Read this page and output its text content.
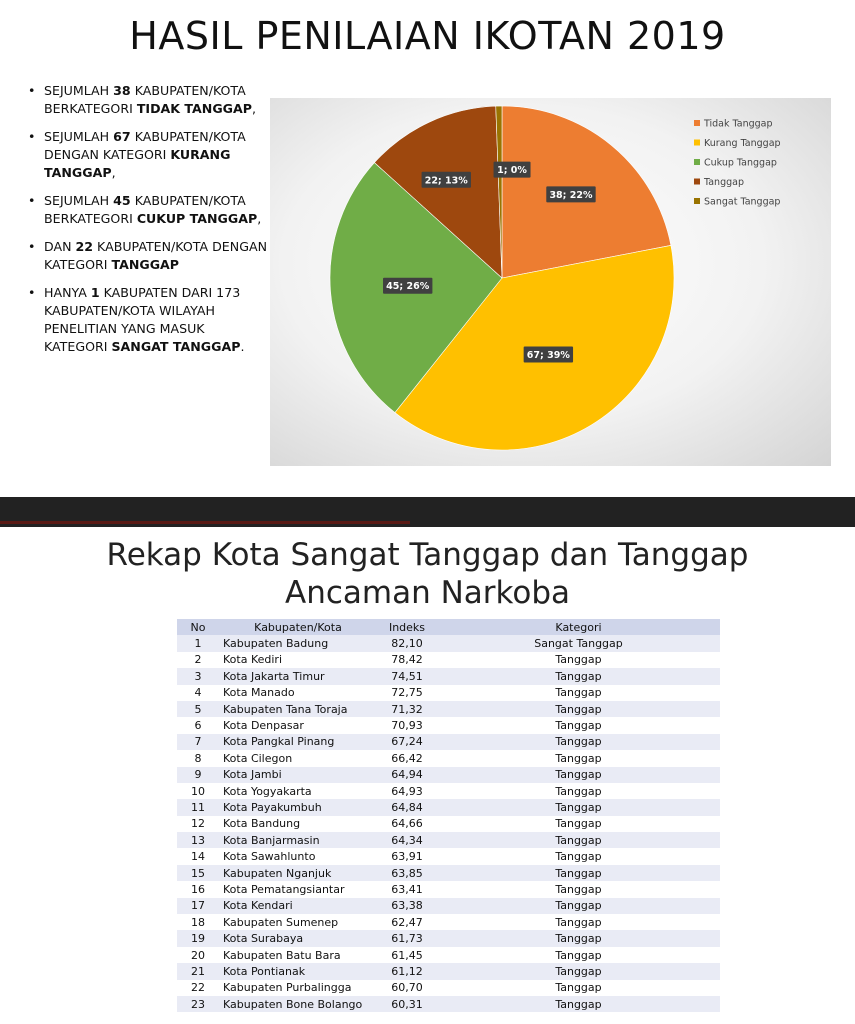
HASIL PENILAIAN IKOTAN 2019
• SEJUMLAH 38 KABUPATEN/KOTA BERKATEGORI TIDAK TANGGAP,
• SEJUMLAH 67 KABUPATEN/KOTA DENGAN KATEGORI KURANG TANGGAP,
• SEJUMLAH 45 KABUPATEN/KOTA BERKATEGORI CUKUP TANGGAP,
• DAN 22 KABUPATEN/KOTA DENGAN KATEGORI TANGGAP
• HANYA 1 KABUPATEN DARI 173 KABUPATEN/KOTA WILAYAH PENELITIAN YANG MASUK KATEGORI SANGAT TANGGAP.
38; 22%
67; 39%
45; 26%
22; 13%
1; 0%
Tidak Tanggap
Kurang Tanggap
Cukup Tanggap
Tanggap
Sangat Tanggap
Rekap Kota Sangat Tanggap dan Tanggap
Ancaman Narkoba
No	Kabupaten/Kota	Indeks	Kategori
1	Kabupaten Badung	82,10	Sangat Tanggap
2	Kota Kediri	78,42	Tanggap
3	Kota Jakarta Timur	74,51	Tanggap
4	Kota Manado	72,75	Tanggap
5	Kabupaten Tana Toraja	71,32	Tanggap
6	Kota Denpasar	70,93	Tanggap
7	Kota Pangkal Pinang	67,24	Tanggap
8	Kota Cilegon	66,42	Tanggap
9	Kota Jambi	64,94	Tanggap
10	Kota Yogyakarta	64,93	Tanggap
11	Kota Payakumbuh	64,84	Tanggap
12	Kota Bandung	64,66	Tanggap
13	Kota Banjarmasin	64,34	Tanggap
14	Kota Sawahlunto	63,91	Tanggap
15	Kabupaten Nganjuk	63,85	Tanggap
16	Kota Pematangsiantar	63,41	Tanggap
17	Kota Kendari	63,38	Tanggap
18	Kabupaten Sumenep	62,47	Tanggap
19	Kota Surabaya	61,73	Tanggap
20	Kabupaten Batu Bara	61,45	Tanggap
21	Kota Pontianak	61,12	Tanggap
22	Kabupaten Purbalingga	60,70	Tanggap
23	Kabupaten Bone Bolango	60,31	Tanggap
